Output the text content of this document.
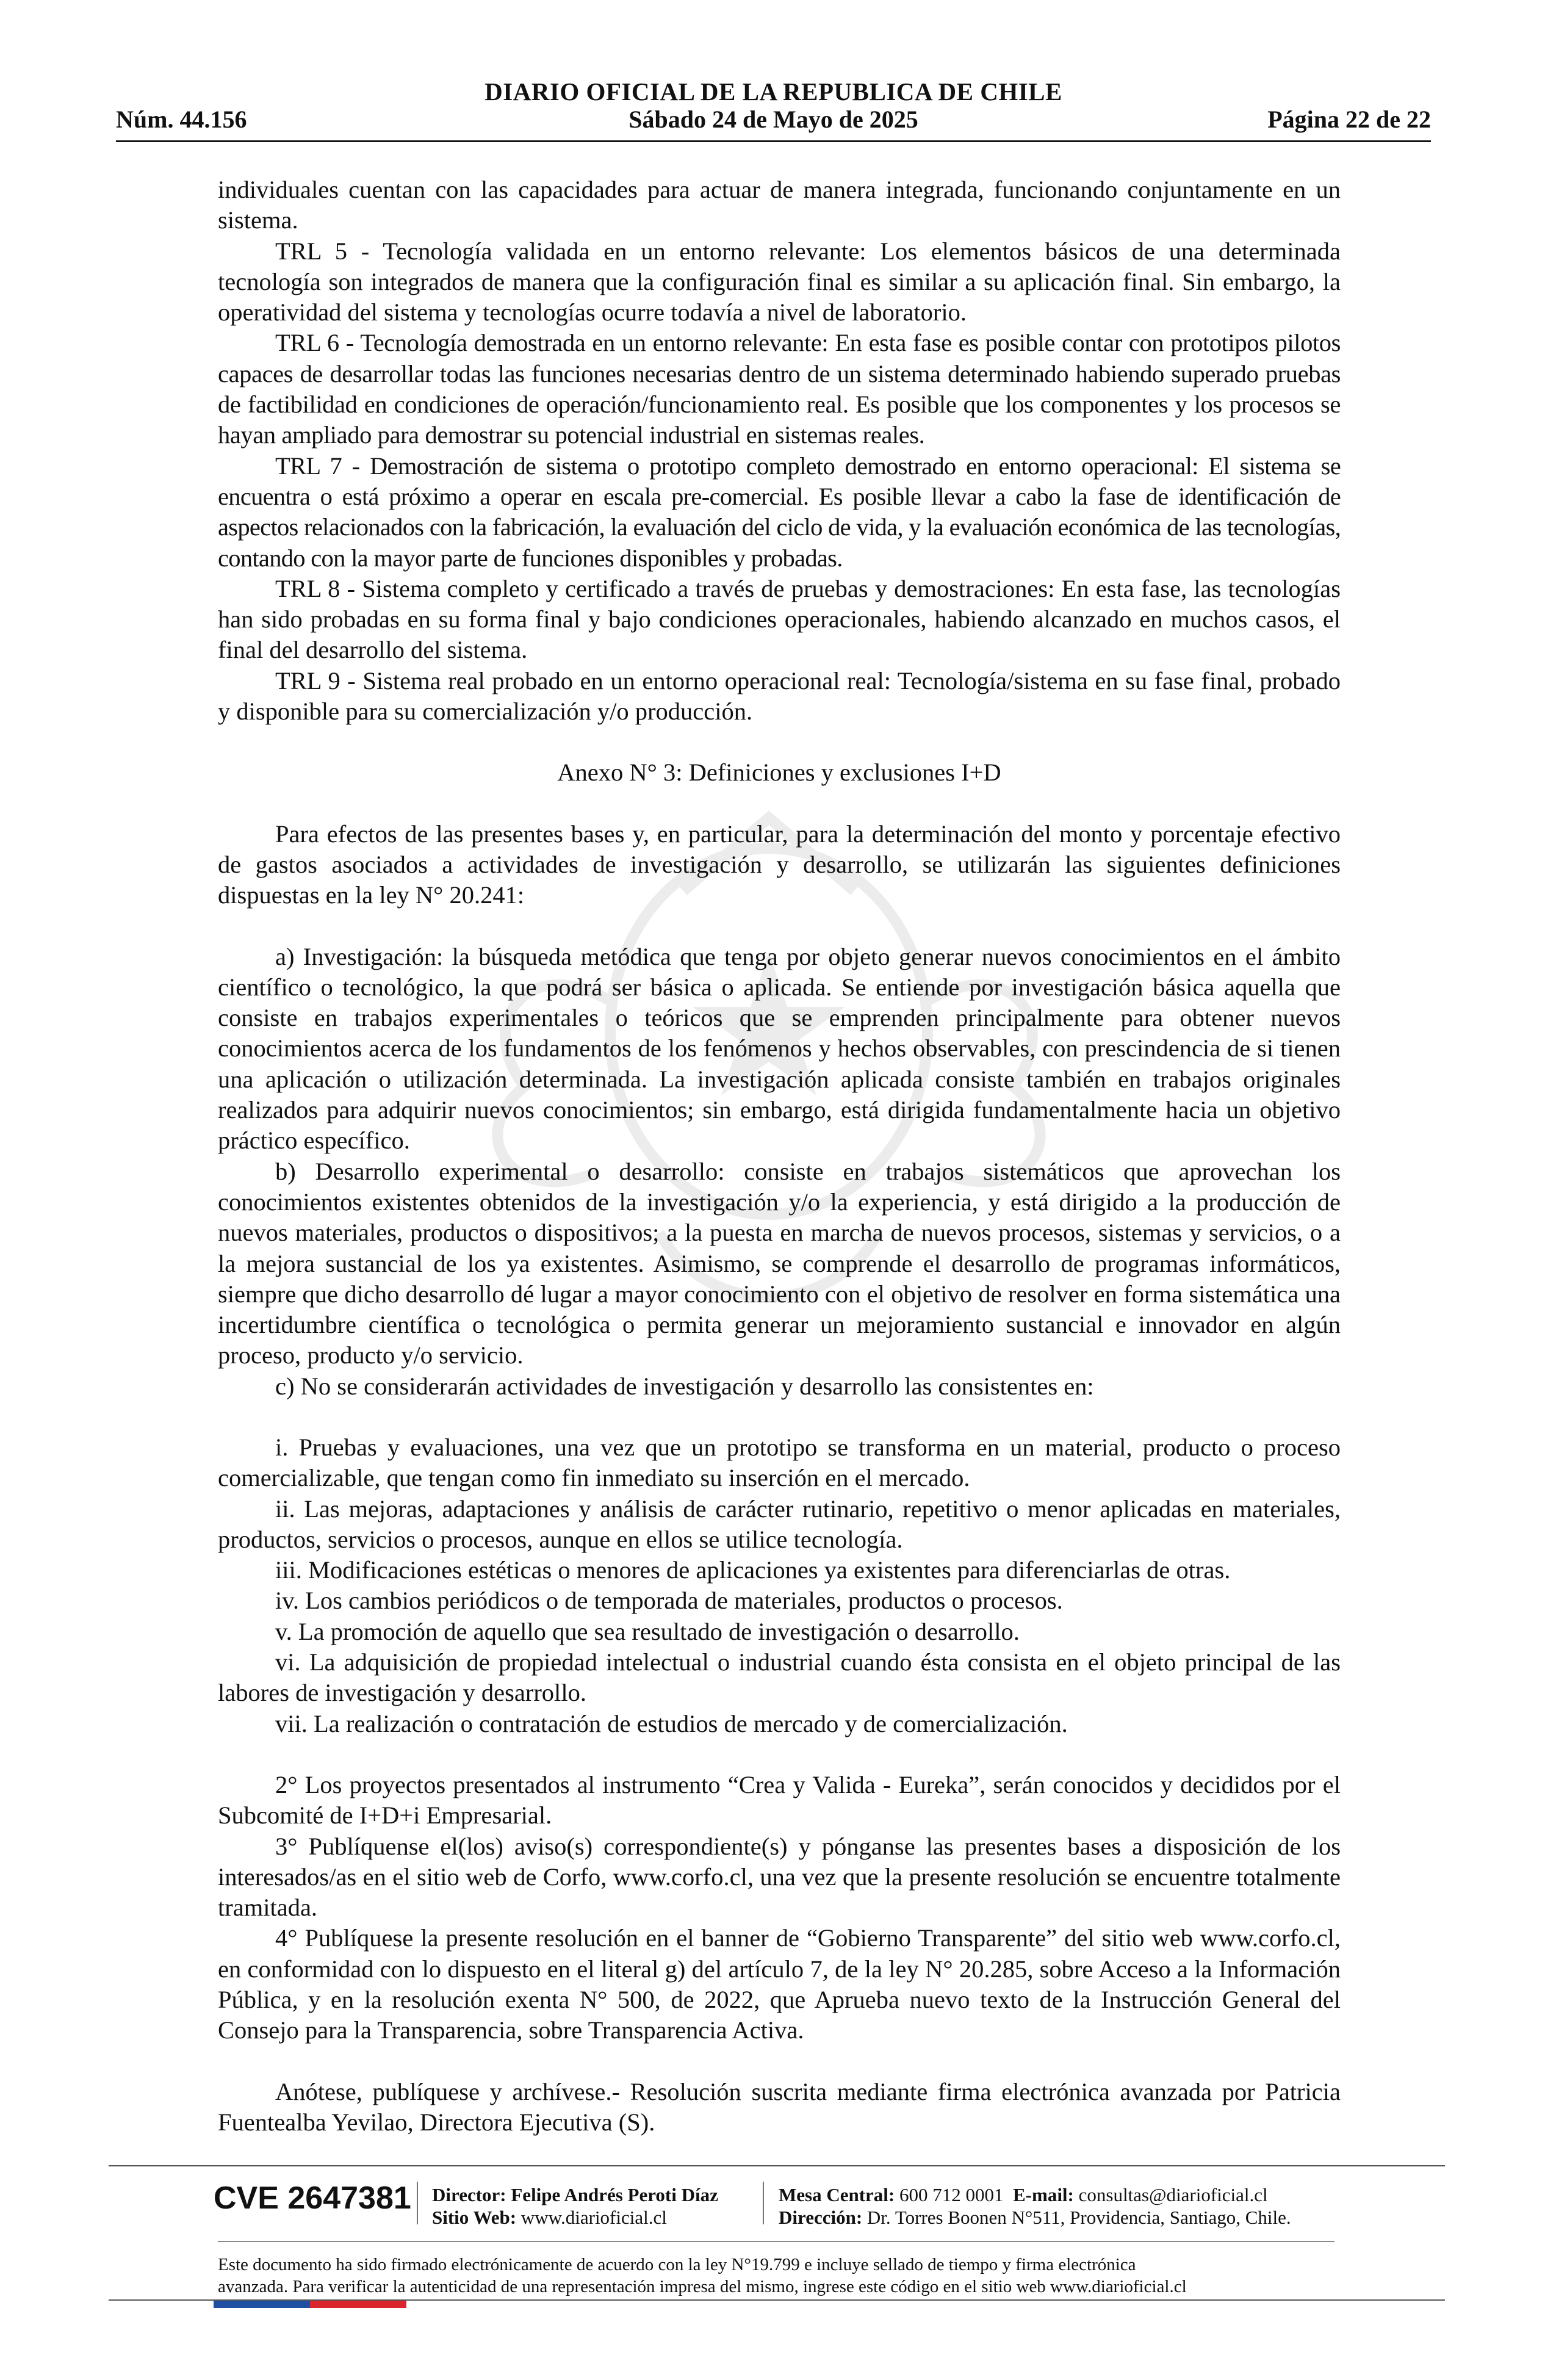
DIARIO OFICIAL DE LA REPUBLICA DE CHILE
Núm. 44.156	Sábado 24 de Mayo de 2025	Página 22 de 22

individuales cuentan con las capacidades para actuar de manera integrada, funcionando conjuntamente en un sistema.

TRL 5 - Tecnología validada en un entorno relevante: Los elementos básicos de una determinada tecnología son integrados de manera que la configuración final es similar a su aplicación final. Sin embargo, la operatividad del sistema y tecnologías ocurre todavía a nivel de laboratorio.

TRL 6 - Tecnología demostrada en un entorno relevante: En esta fase es posible contar con prototipos pilotos capaces de desarrollar todas las funciones necesarias dentro de un sistema determinado habiendo superado pruebas de factibilidad en condiciones de operación/funcionamiento real. Es posible que los componentes y los procesos se hayan ampliado para demostrar su potencial industrial en sistemas reales.

TRL 7 - Demostración de sistema o prototipo completo demostrado en entorno operacional: El sistema se encuentra o está próximo a operar en escala pre-comercial. Es posible llevar a cabo la fase de identificación de aspectos relacionados con la fabricación, la evaluación del ciclo de vida, y la evaluación económica de las tecnologías, contando con la mayor parte de funciones disponibles y probadas.

TRL 8 - Sistema completo y certificado a través de pruebas y demostraciones: En esta fase, las tecnologías han sido probadas en su forma final y bajo condiciones operacionales, habiendo alcanzado en muchos casos, el final del desarrollo del sistema.

TRL 9 - Sistema real probado en un entorno operacional real: Tecnología/sistema en su fase final, probado y disponible para su comercialización y/o producción.

Anexo N° 3: Definiciones y exclusiones I+D

Para efectos de las presentes bases y, en particular, para la determinación del monto y porcentaje efectivo de gastos asociados a actividades de investigación y desarrollo, se utilizarán las siguientes definiciones dispuestas en la ley N° 20.241:

a) Investigación: la búsqueda metódica que tenga por objeto generar nuevos conocimientos en el ámbito científico o tecnológico, la que podrá ser básica o aplicada. Se entiende por investigación básica aquella que consiste en trabajos experimentales o teóricos que se emprenden principalmente para obtener nuevos conocimientos acerca de los fundamentos de los fenómenos y hechos observables, con prescindencia de si tienen una aplicación o utilización determinada. La investigación aplicada consiste también en trabajos originales realizados para adquirir nuevos conocimientos; sin embargo, está dirigida fundamentalmente hacia un objetivo práctico específico.

b) Desarrollo experimental o desarrollo: consiste en trabajos sistemáticos que aprovechan los conocimientos existentes obtenidos de la investigación y/o la experiencia, y está dirigido a la producción de nuevos materiales, productos o dispositivos; a la puesta en marcha de nuevos procesos, sistemas y servicios, o a la mejora sustancial de los ya existentes. Asimismo, se comprende el desarrollo de programas informáticos, siempre que dicho desarrollo dé lugar a mayor conocimiento con el objetivo de resolver en forma sistemática una incertidumbre científica o tecnológica o permita generar un mejoramiento sustancial e innovador en algún proceso, producto y/o servicio.

c) No se considerarán actividades de investigación y desarrollo las consistentes en:

i. Pruebas y evaluaciones, una vez que un prototipo se transforma en un material, producto o proceso comercializable, que tengan como fin inmediato su inserción en el mercado.

ii. Las mejoras, adaptaciones y análisis de carácter rutinario, repetitivo o menor aplicadas en materiales, productos, servicios o procesos, aunque en ellos se utilice tecnología.

iii. Modificaciones estéticas o menores de aplicaciones ya existentes para diferenciarlas de otras.

iv. Los cambios periódicos o de temporada de materiales, productos o procesos.

v. La promoción de aquello que sea resultado de investigación o desarrollo.

vi. La adquisición de propiedad intelectual o industrial cuando ésta consista en el objeto principal de las labores de investigación y desarrollo.

vii. La realización o contratación de estudios de mercado y de comercialización.

2° Los proyectos presentados al instrumento “Crea y Valida - Eureka”, serán conocidos y decididos por el Subcomité de I+D+i Empresarial.

3° Publíquense el(los) aviso(s) correspondiente(s) y pónganse las presentes bases a disposición de los interesados/as en el sitio web de Corfo, www.corfo.cl, una vez que la presente resolución se encuentre totalmente tramitada.

4° Publíquese la presente resolución en el banner de “Gobierno Transparente” del sitio web www.corfo.cl, en conformidad con lo dispuesto en el literal g) del artículo 7, de la ley N° 20.285, sobre Acceso a la Información Pública, y en la resolución exenta N° 500, de 2022, que Aprueba nuevo texto de la Instrucción General del Consejo para la Transparencia, sobre Transparencia Activa.

Anótese, publíquese y archívese.- Resolución suscrita mediante firma electrónica avanzada por Patricia Fuentealba Yevilao, Directora Ejecutiva (S).

CVE 2647381 Director: Felipe Andrés Peroti Díaz
Sitio Web: www.diarioficial.cl
Mesa Central: 600 712 0001 E-mail: consultas@diarioficial.cl
Dirección: Dr. Torres Boonen N°511, Providencia, Santiago, Chile.
Este documento ha sido firmado electrónicamente de acuerdo con la ley N°19.799 e incluye sellado de tiempo y firma electrónica
avanzada. Para verificar la autenticidad de una representación impresa del mismo, ingrese este código en el sitio web www.diarioficial.cl
